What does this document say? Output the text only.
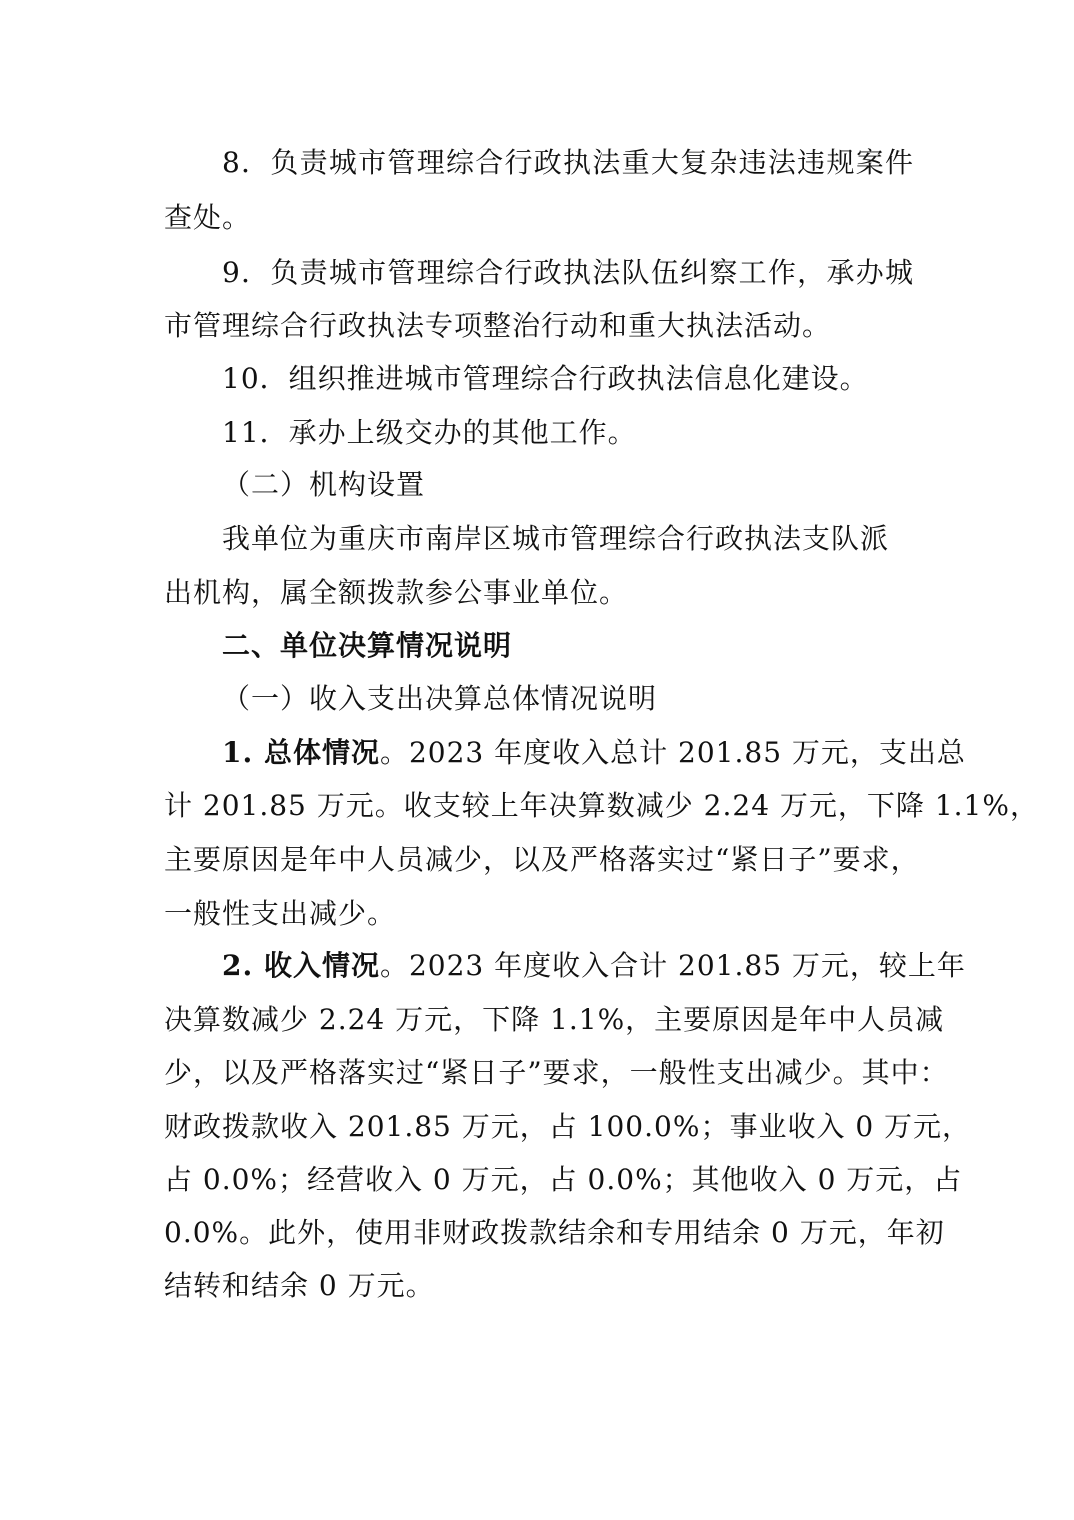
8．负责城市管理综合行政执法重大复杂违法违规案件
查处。
9．负责城市管理综合行政执法队伍纠察工作，承办城
市管理综合行政执法专项整治行动和重大执法活动。
10．组织推进城市管理综合行政执法信息化建设。
11．承办上级交办的其他工作。
（二）机构设置
我单位为重庆市南岸区城市管理综合行政执法支队派
出机构，属全额拨款参公事业单位。
二、单位决算情况说明
（一）收入支出决算总体情况说明
1. 总体情况。2023 年度收入总计 201.85 万元，支出总
计 201.85 万元。收支较上年决算数减少 2.24 万元，下降 1.1%，
主要原因是年中人员减少，以及严格落实过“紧日子”要求，
一般性支出减少。
2. 收入情况。2023 年度收入合计 201.85 万元，较上年
决算数减少 2.24 万元，下降 1.1%，主要原因是年中人员减
少，以及严格落实过“紧日子”要求，一般性支出减少。其中：
财政拨款收入 201.85 万元，占 100.0%；事业收入 0 万元，
占 0.0%；经营收入 0 万元，占 0.0%；其他收入 0 万元，占
0.0%。此外，使用非财政拨款结余和专用结余 0 万元，年初
结转和结余 0 万元。
